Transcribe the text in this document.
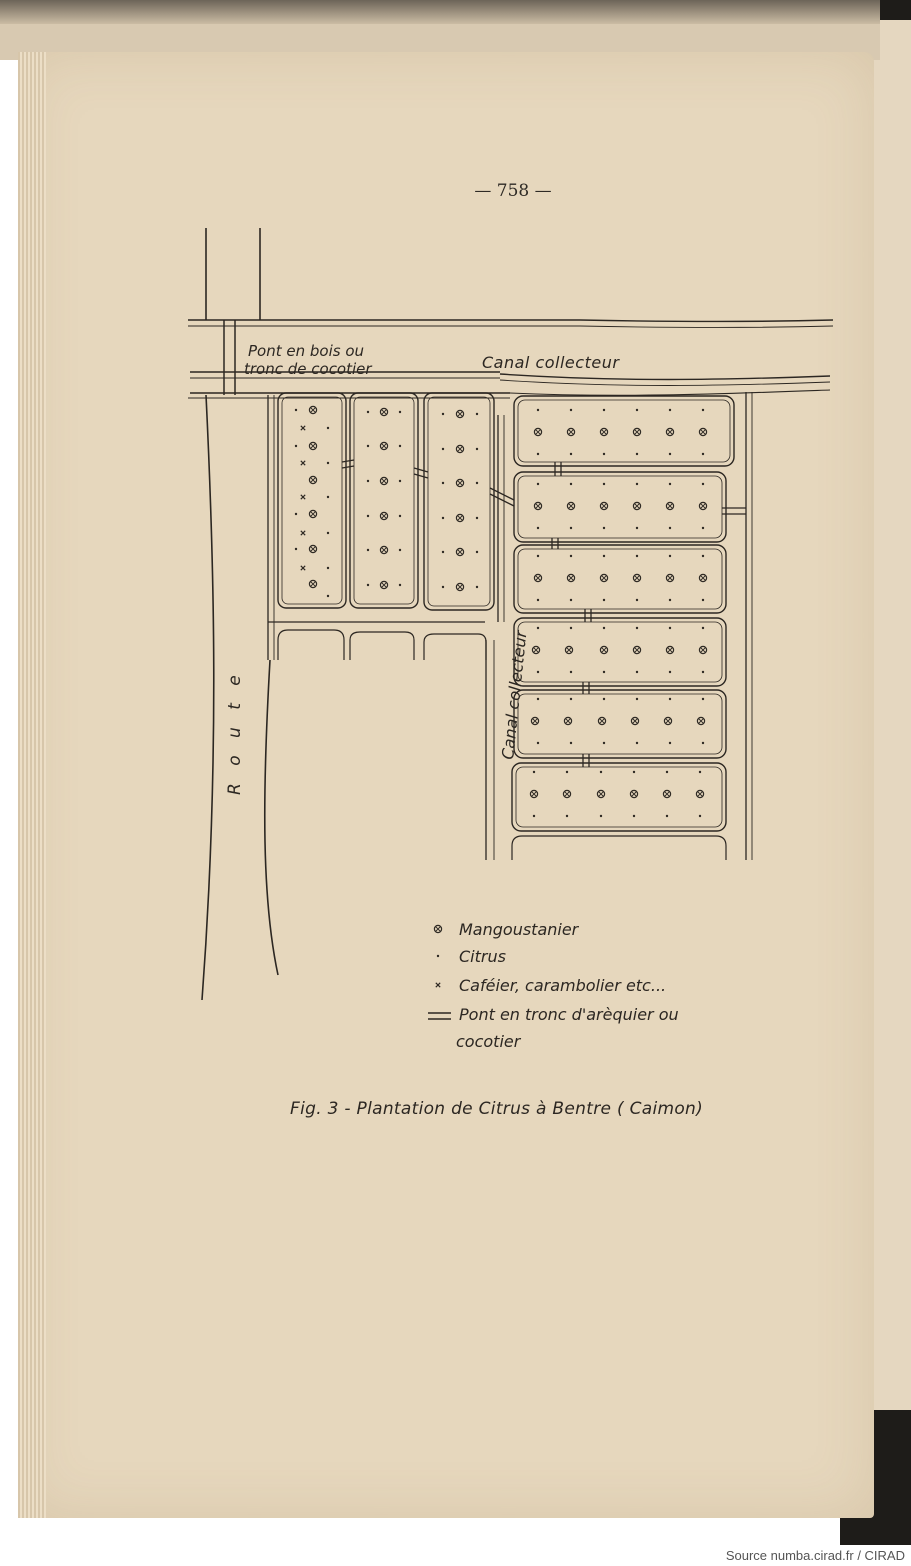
— 758 —
Pont en bois ou
tronc de cocotier	Canal collecteur
Canal collecteur
R o u t e
Mangoustanier
Citrus
Caféier, carambolier etc...
Pont en tronc d'arèquier ou
cocotier
Fig. 3 - Plantation de Citrus à Bentre ( Caimon)
Source numba.cirad.fr / CIRAD
